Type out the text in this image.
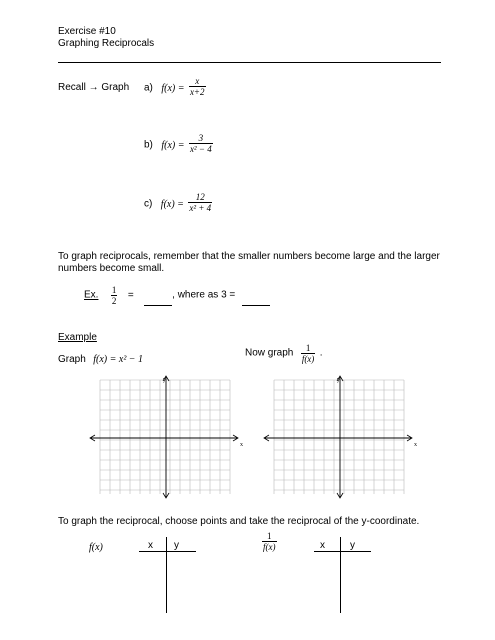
Exercise #10
Graphing Reciprocals
Recall → Graph a) $f(x) = \frac{x}{x+2}$
b) $f(x) = \frac{3}{\text{x² − 4}}$
c) $f(x) = \frac{12}{\text{x² + 4}}$
To graph reciprocals, remember that the smaller numbers become large and the larger
numbers become small.
Ex. $\frac{1}{2}$ =	, where as 3 =
Example
Graph f(x) = x² − 1
Now graph $\frac{1}{f(x)}$ .
x
y
x
y
To graph the reciprocal, choose points and take the reciprocal of the y-coordinate.
f(x)	x y	$\frac{1}{f(x)}$	x	y
